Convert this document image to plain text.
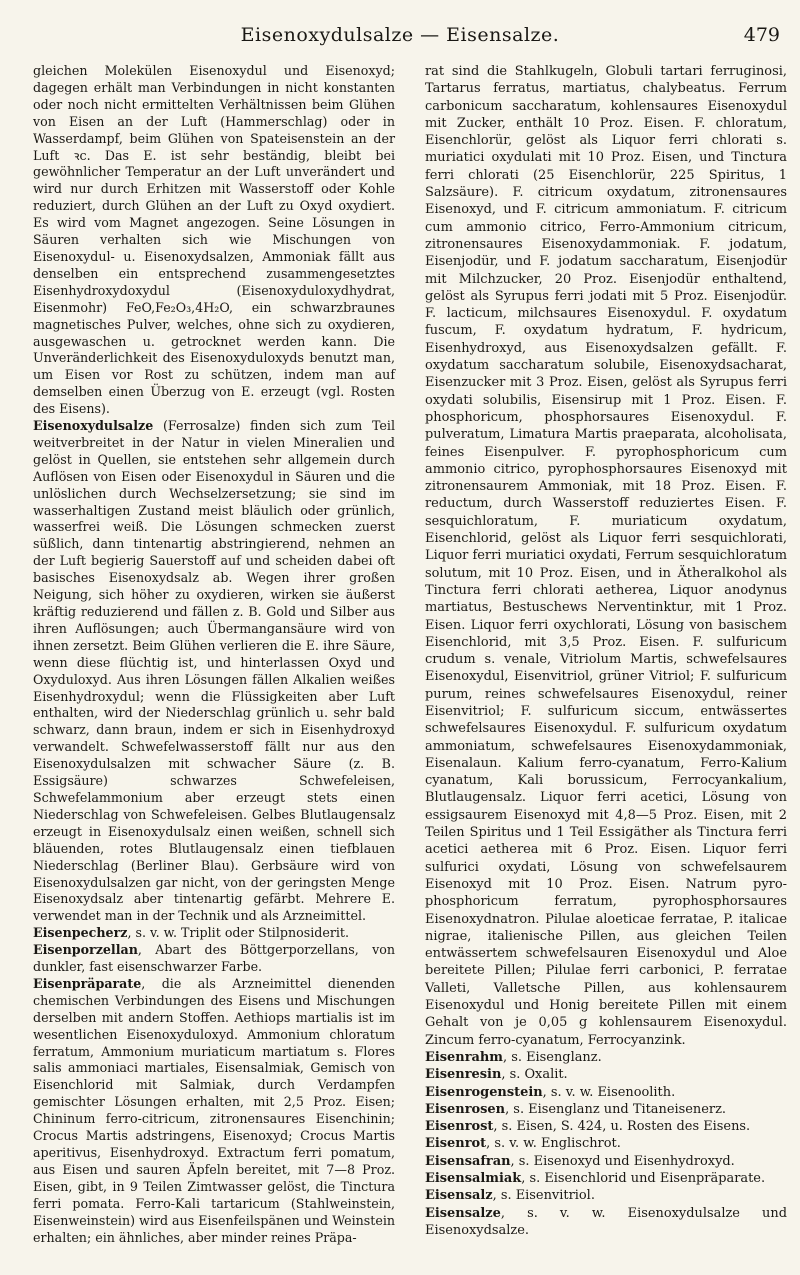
Eisenoxydulsalze — Eisensalze.	479

gleichen Molekülen Eisenoxydul und Eisenoxyd; dagegen erhält man Verbindungen in nicht konstanten oder noch nicht ermittelten Verhältnissen beim Glühen von Eisen an der Luft (Hammerschlag) oder in Wasserdampf, beim Glühen von Spateisenstein an der Luft ꝛc. Das E. ist sehr beständig, bleibt bei gewöhnlicher Temperatur an der Luft unverändert und wird nur durch Erhitzen mit Wasserstoff oder Kohle reduziert, durch Glühen an der Luft zu Oxyd oxydiert. Es wird vom Magnet angezogen. Seine Lösungen in Säuren verhalten sich wie Mischungen von Eisenoxydul- u. Eisenoxydsalzen, Ammoniak fällt aus denselben ein entsprechend zusammengesetztes Eisenhydroxydoxydul (Eisenoxyduloxydhydrat, Eisenmohr) FeO,Fe₂O₃,4H₂O, ein schwarzbraunes magnetisches Pulver, welches, ohne sich zu oxydieren, ausgewaschen u. getrocknet werden kann. Die Unveränderlichkeit des Eisenoxyduloxyds benutzt man, um Eisen vor Rost zu schützen, indem man auf demselben einen Überzug von E. erzeugt (vgl. Rosten des Eisens).

Eisenoxydulsalze (Ferrosalze) finden sich zum Teil weitverbreitet in der Natur in vielen Mineralien und gelöst in Quellen, sie entstehen sehr allgemein durch Auflösen von Eisen oder Eisenoxydul in Säuren und die unlöslichen durch Wechselzersetzung; sie sind im wasserhaltigen Zustand meist bläulich oder grünlich, wasserfrei weiß. Die Lösungen schmecken zuerst süßlich, dann tintenartig abstringierend, nehmen an der Luft begierig Sauerstoff auf und scheiden dabei oft basisches Eisenoxydsalz ab. Wegen ihrer großen Neigung, sich höher zu oxydieren, wirken sie äußerst kräftig reduzierend und fällen z. B. Gold und Silber aus ihren Auflösungen; auch Übermangansäure wird von ihnen zersetzt. Beim Glühen verlieren die E. ihre Säure, wenn diese flüchtig ist, und hinterlassen Oxyd und Oxyduloxyd. Aus ihren Lösungen fällen Alkalien weißes Eisenhydroxydul; wenn die Flüssigkeiten aber Luft enthalten, wird der Niederschlag grünlich u. sehr bald schwarz, dann braun, indem er sich in Eisenhydroxyd verwandelt. Schwefelwasserstoff fällt nur aus den Eisenoxydulsalzen mit schwacher Säure (z. B. Essigsäure) schwarzes Schwefeleisen, Schwefelammonium aber erzeugt stets einen Niederschlag von Schwefeleisen. Gelbes Blutlaugensalz erzeugt in Eisenoxydulsalz einen weißen, schnell sich bläuenden, rotes Blutlaugensalz einen tiefblauen Niederschlag (Berliner Blau). Gerbsäure wird von Eisenoxydulsalzen gar nicht, von der geringsten Menge Eisenoxydsalz aber tintenartig gefärbt. Mehrere E. verwendet man in der Technik und als Arzneimittel.

Eisenpecherz, s. v. w. Triplit oder Stilpnosiderit.

Eisenporzellan, Abart des Böttgerporzellans, von dunkler, fast eisenschwarzer Farbe.

Eisenpräparate, die als Arzneimittel dienenden chemischen Verbindungen des Eisens und Mischungen derselben mit andern Stoffen. Aethiops martialis ist im wesentlichen Eisenoxyduloxyd. Ammonium chloratum ferratum, Ammonium muriaticum martiatum s. Flores salis ammoniaci martiales, Eisensalmiak, Gemisch von Eisenchlorid mit Salmiak, durch Verdampfen gemischter Lösungen erhalten, mit 2,5 Proz. Eisen; Chininum ferro-citricum, zitronensaures Eisenchinin; Crocus Martis adstringens, Eisenoxyd; Crocus Martis aperitivus, Eisenhydroxyd. Extractum ferri pomatum, aus Eisen und sauren Äpfeln bereitet, mit 7—8 Proz. Eisen, gibt, in 9 Teilen Zimtwasser gelöst, die Tinctura ferri pomata. Ferro-Kali tartaricum (Stahlweinstein, Eisenweinstein) wird aus Eisenfeilspänen und Weinstein erhalten; ein ähnliches, aber minder reines Präpa-

rat sind die Stahlkugeln, Globuli tartari ferruginosi, Tartarus ferratus, martiatus, chalybeatus. Ferrum carbonicum saccharatum, kohlensaures Eisenoxydul mit Zucker, enthält 10 Proz. Eisen. F. chloratum, Eisenchlorür, gelöst als Liquor ferri chlorati s. muriatici oxydulati mit 10 Proz. Eisen, und Tinctura ferri chlorati (25 Eisenchlorür, 225 Spiritus, 1 Salzsäure). F. citricum oxydatum, zitronensaures Eisenoxyd, und F. citricum ammoniatum. F. citricum cum ammonio citrico, Ferro-Ammonium citricum, zitronensaures Eisenoxydammoniak. F. jodatum, Eisenjodür, und F. jodatum saccharatum, Eisenjodür mit Milchzucker, 20 Proz. Eisenjodür enthaltend, gelöst als Syrupus ferri jodati mit 5 Proz. Eisenjodür. F. lacticum, milchsaures Eisenoxydul. F. oxydatum fuscum, F. oxydatum hydratum, F. hydricum, Eisenhydroxyd, aus Eisenoxydsalzen gefällt. F. oxydatum saccharatum solubile, Eisenoxydsacharat, Eisenzucker mit 3 Proz. Eisen, gelöst als Syrupus ferri oxydati solubilis, Eisensirup mit 1 Proz. Eisen. F. phosphoricum, phosphorsaures Eisenoxydul. F. pulveratum, Limatura Martis praeparata, alcoholisata, feines Eisenpulver. F. pyrophosphoricum cum ammonio citrico, pyrophosphorsaures Eisenoxyd mit zitronensaurem Ammoniak, mit 18 Proz. Eisen. F. reductum, durch Wasserstoff reduziertes Eisen. F. sesquichloratum, F. muriaticum oxydatum, Eisenchlorid, gelöst als Liquor ferri sesquichlorati, Liquor ferri muriatici oxydati, Ferrum sesquichloratum solutum, mit 10 Proz. Eisen, und in Ätheralkohol als Tinctura ferri chlorati aetherea, Liquor anodynus martiatus, Bestuschews Nerventinktur, mit 1 Proz. Eisen. Liquor ferri oxychlorati, Lösung von basischem Eisenchlorid, mit 3,5 Proz. Eisen. F. sulfuricum crudum s. venale, Vitriolum Martis, schwefelsaures Eisenoxydul, Eisenvitriol, grüner Vitriol; F. sulfuricum purum, reines schwefelsaures Eisenoxydul, reiner Eisenvitriol; F. sulfuricum siccum, entwässertes schwefelsaures Eisenoxydul. F. sulfuricum oxydatum ammoniatum, schwefelsaures Eisenoxydammoniak, Eisenalaun. Kalium ferro-cyanatum, Ferro-Kalium cyanatum, Kali borussicum, Ferrocyankalium, Blutlaugensalz. Liquor ferri acetici, Lösung von essigsaurem Eisenoxyd mit 4,8—5 Proz. Eisen, mit 2 Teilen Spiritus und 1 Teil Essigäther als Tinctura ferri acetici aetherea mit 6 Proz. Eisen. Liquor ferri sulfurici oxydati, Lösung von schwefelsaurem Eisenoxyd mit 10 Proz. Eisen. Natrum pyro-phosphoricum ferratum, pyrophosphorsaures Eisenoxydnatron. Pilulae aloeticae ferratae, P. italicae nigrae, italienische Pillen, aus gleichen Teilen entwässertem schwefelsauren Eisenoxydul und Aloe bereitete Pillen; Pilulae ferri carbonici, P. ferratae Valleti, Valletsche Pillen, aus kohlensaurem Eisenoxydul und Honig bereitete Pillen mit einem Gehalt von je 0,05 g kohlensaurem Eisenoxydul. Zincum ferro-cyanatum, Ferrocyanzink.

Eisenrahm, s. Eisenglanz.

Eisenresin, s. Oxalit.

Eisenrogenstein, s. v. w. Eisenoolith.

Eisenrosen, s. Eisenglanz und Titaneisenerz.

Eisenrost, s. Eisen, S. 424, u. Rosten des Eisens.

Eisenrot, s. v. w. Englischrot.

Eisensafran, s. Eisenoxyd und Eisenhydroxyd.

Eisensalmiak, s. Eisenchlorid und Eisenpräparate.

Eisensalz, s. Eisenvitriol.

Eisensalze, s. v. w. Eisenoxydulsalze und Eisenoxydsalze.
